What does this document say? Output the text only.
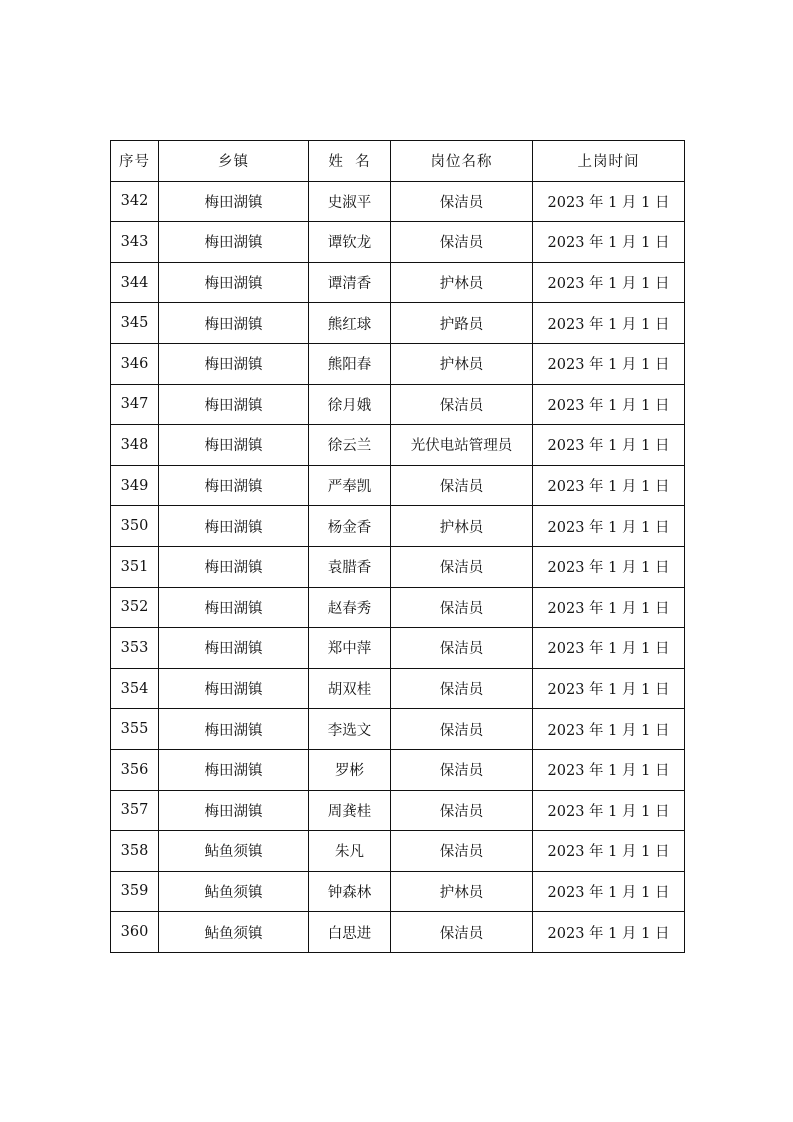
序号	乡镇	姓  名	岗位名称	上岗时间
342	梅田湖镇	史淑平	保洁员	2023 年 1 月 1 日
343	梅田湖镇	谭钦龙	保洁员	2023 年 1 月 1 日
344	梅田湖镇	谭清香	护林员	2023 年 1 月 1 日
345	梅田湖镇	熊红球	护路员	2023 年 1 月 1 日
346	梅田湖镇	熊阳春	护林员	2023 年 1 月 1 日
347	梅田湖镇	徐月娥	保洁员	2023 年 1 月 1 日
348	梅田湖镇	徐云兰	光伏电站管理员	2023 年 1 月 1 日
349	梅田湖镇	严奉凯	保洁员	2023 年 1 月 1 日
350	梅田湖镇	杨金香	护林员	2023 年 1 月 1 日
351	梅田湖镇	袁腊香	保洁员	2023 年 1 月 1 日
352	梅田湖镇	赵春秀	保洁员	2023 年 1 月 1 日
353	梅田湖镇	郑中萍	保洁员	2023 年 1 月 1 日
354	梅田湖镇	胡双桂	保洁员	2023 年 1 月 1 日
355	梅田湖镇	李选文	保洁员	2023 年 1 月 1 日
356	梅田湖镇	罗彬	保洁员	2023 年 1 月 1 日
357	梅田湖镇	周龚桂	保洁员	2023 年 1 月 1 日
358	鲇鱼须镇	朱凡	保洁员	2023 年 1 月 1 日
359	鲇鱼须镇	钟森林	护林员	2023 年 1 月 1 日
360	鲇鱼须镇	白思进	保洁员	2023 年 1 月 1 日
